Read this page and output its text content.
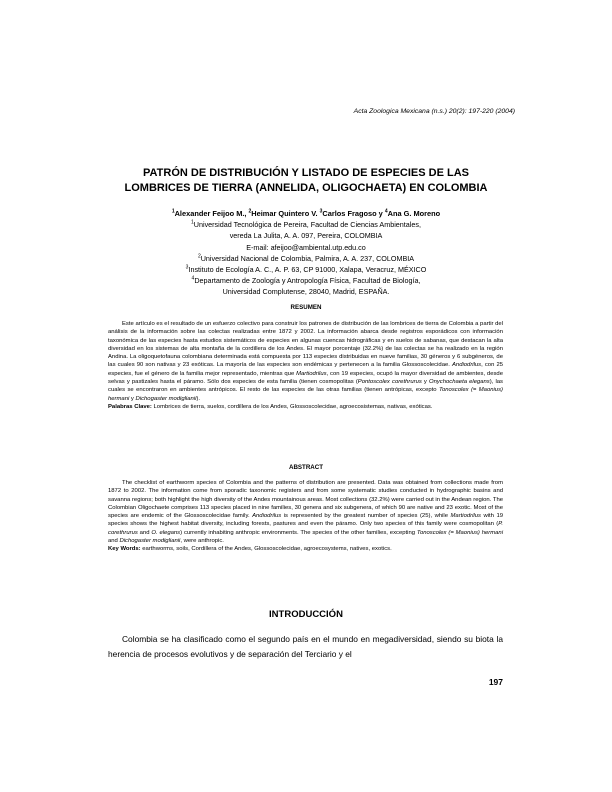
Acta Zoologica Mexicana (n.s.) 20(2): 197-220 (2004)
PATRÓN DE DISTRIBUCIÓN Y LISTADO DE ESPECIES DE LAS
LOMBRICES DE TIERRA (ANNELIDA, OLIGOCHAETA) EN COLOMBIA
$^1$Alexander Feijoo M., $^2$Heimar Quintero V. $^3$Carlos Fragoso y $^4$Ana G. Moreno
$^1$Universidad Tecnológica de Pereira, Facultad de Ciencias Ambientales,
vereda La Julita, A. A. 097, Pereira, COLOMBIA
E-mail: afeijoo@ambiental.utp.edu.co
$^2$Universidad Nacional de Colombia, Palmira, A. A. 237, COLOMBIA
$^3$Instituto de Ecología A. C., A. P. 63, CP 91000, Xalapa, Veracruz, MÉXICO
$^4$Departamento de Zoología y Antropología Física, Facultad de Biología,
Universidad Complutense, 28040, Madrid, ESPAÑA.
RESUMEN

Este artículo es el resultado de un esfuerzo colectivo para construir los patrones de distribución de las lombrices de tierra de Colombia a partir del análisis de la información sobre las colectas realizadas entre 1872 y 2002. La información abarca desde registros esporádicos con información taxonómica de las especies hasta estudios sistemáticos de especies en algunas cuencas hidrográficas y en suelos de sabanas, que destacan la alta diversidad en los sistemas de alta montaña de la cordillera de los Andes. El mayor porcentaje (32.2%) de las colectas se ha realizado en la región Andina. La oligoquetofauna colombiana determinada está compuesta por 113 especies distribuidas en nueve familias, 30 géneros y 6 subgéneros, de las cuales 90 son nativas y 23 exóticas. La mayoría de las especies son endémicas y pertenecen a la familia Glossoscolecidae. Andiodrilus, con 25 especies, fue el género de la familia mejor representado, mientras que Martiodrilus, con 19 especies, ocupó la mayor diversidad de ambientes, desde selvas y pastizales hasta el páramo. Sólo dos especies de esta familia (tienen cosmopolitas (Pontoscolex corethrurus y Onychochaeta elegans), las cuales se encontraron en ambientes antrópicos. El resto de las especies de las otras familias (tienen antrópicas, excepto Tonoscolex (= Maonius) hermani y Dichogaster modiglianii).

Palabras Clave: Lombrices de tierra, suelos, cordillera de los Andes, Glossoscolecidae, agroecosistemas, nativas, exóticas.

ABSTRACT

The checklist of earthworm species of Colombia and the patterns of distribution are presented. Data was obtained from collections made from 1872 to 2002. The information come from sporadic taxonomic registers and from some systematic studies conducted in hydrographic basins and savanna regions; both highlight the high diversity of the Andes mountainous areas. Most collections (32.2%) were carried out in the Andean region. The Colombian Oligochaete comprises 113 species placed in nine families, 30 genera and six subgenera, of which 90 are native and 23 exotic. Most of the species are endemic of the Glossoscolecidae family. Andiodrilus is represented by the greatest number of species (25), while Martiodrilus with 19 species shows the highest habitat diversity, including forests, pastures and even the páramo. Only two species of this family were cosmopolitan (P. corethrurus and O. elegans) currently inhabiting anthropic environments. The species of the other families, excepting Tonoscolex (= Maonius) hermani and Dichogaster modiglianii, were anthropic.

Key Words: earthworms, soils, Cordillera of the Andes, Glossoscolecidae, agroecosystems, natives, exotics.

INTRODUCCIÓN

Colombia se ha clasificado como el segundo país en el mundo en megadiversidad, siendo su biota la herencia de procesos evolutivos y de separación del Terciario y el

197
